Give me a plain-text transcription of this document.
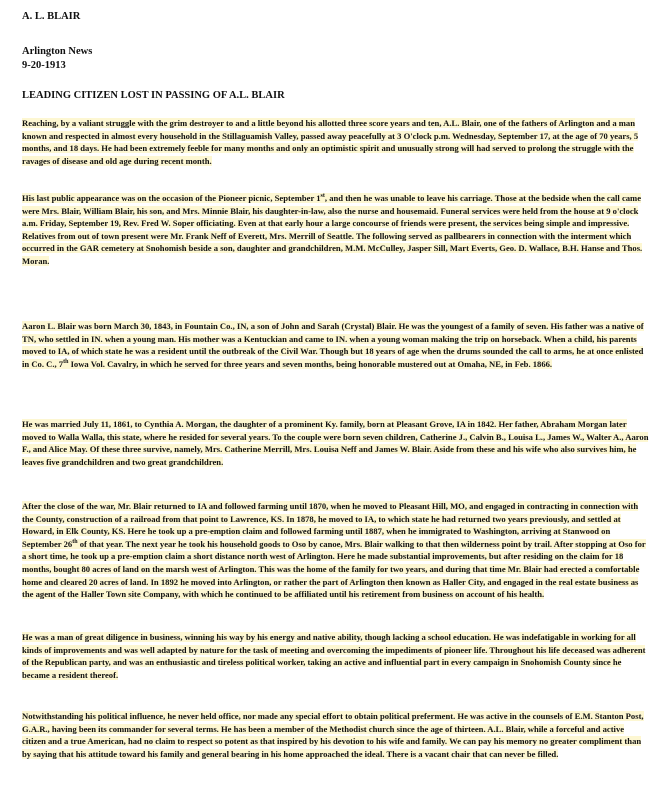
A. L. BLAIR
Arlington News
9-20-1913
LEADING CITIZEN LOST IN PASSING OF A.L. BLAIR
Reaching, by a valiant struggle with the grim destroyer to and a little beyond his allotted three score years and ten, A.L. Blair, one of the fathers of Arlington and a man known and respected in almost every household in the Stillaguamish Valley, passed away peacefully at 3 O'clock p.m. Wednesday, September 17, at the age of 70 years, 5 months, and 18 days. He had been extremely feeble for many months and only an optimistic spirit and unusually strong will had served to prolong the struggle with the ravages of disease and old age during recent month.
His last public appearance was on the occasion of the Pioneer picnic, September 1st, and then he was unable to leave his carriage. Those at the bedside when the call came were Mrs. Blair, William Blair, his son, and Mrs. Minnie Blair, his daughter-in-law, also the nurse and housemaid. Funeral services were held from the house at 9 o'clock a.m. Friday, September 19, Rev. Fred W. Soper officiating. Even at that early hour a large concourse of friends were present, the services being simple and impressive. Relatives from out of town present were Mr. Frank Neff of Everett, Mrs. Merrill of Seattle. The following served as pallbearers in connection with the interment which occurred in the GAR cemetery at Snohomish beside a son, daughter and grandchildren, M.M. McCulley, Jasper Sill, Mart Everts, Geo. D. Wallace, B.H. Hanse and Thos. Moran.
Aaron L. Blair was born March 30, 1843, in Fountain Co., IN, a son of John and Sarah (Crystal) Blair. He was the youngest of a family of seven. His father was a native of TN, who settled in IN. when a young man. His mother was a Kentuckian and came to IN. when a young woman making the trip on horseback. When a child, his parents moved to IA, of which state he was a resident until the outbreak of the Civil War. Though but 18 years of age when the drums sounded the call to arms, he at once enlisted in Co. C., 7th Iowa Vol. Cavalry, in which he served for three years and seven months, being honorable mustered out at Omaha, NE, in Feb. 1866.
He was married July 11, 1861, to Cynthia A. Morgan, the daughter of a prominent Ky. family, born at Pleasant Grove, IA in 1842. Her father, Abraham Morgan later moved to Walla Walla, this state, where he resided for several years. To the couple were born seven children, Catherine J., Calvin B., Louisa L., James W., Walter A., Aaron F., and Alice May. Of these three survive, namely, Mrs. Catherine Merrill, Mrs. Louisa Neff and James W. Blair. Aside from these and his wife who also survives him, he leaves five grandchildren and two great grandchildren.
After the close of the war, Mr. Blair returned to IA and followed farming until 1870, when he moved to Pleasant Hill, MO, and engaged in contracting in connection with the County, construction of a railroad from that point to Lawrence, KS. In 1878, he moved to IA, to which state he had returned two years previously, and settled at Howard, in Elk County, KS. Here he took up a pre-emption claim and followed farming until 1887, when he immigrated to Washington, arriving at Stanwood on September 26th of that year. The next year he took his household goods to Oso by canoe, Mrs. Blair walking to that then wilderness point by trail. After stopping at Oso for a short time, he took up a pre-emption claim a short distance north west of Arlington. Here he made substantial improvements, but after residing on the claim for 18 months, bought 80 acres of land on the marsh west of Arlington. This was the home of the family for two years, and during that time Mr. Blair had erected a comfortable home and cleared 20 acres of land. In 1892 he moved into Arlington, or rather the part of Arlington then known as Haller City, and engaged in the real estate business as the agent of the Haller Town site Company, with which he continued to be affiliated until his retirement from business on account of his health.
He was a man of great diligence in business, winning his way by his energy and native ability, though lacking a school education. He was indefatigable in working for all kinds of improvements and was well adapted by nature for the task of meeting and overcoming the impediments of pioneer life. Throughout his life deceased was adherent of the Republican party, and was an enthusiastic and tireless political worker, taking an active and influential part in every campaign in Snohomish County since he became a resident thereof.
Notwithstanding his political influence, he never held office, nor made any special effort to obtain political preferment. He was active in the counsels of E.M. Stanton Post, G.A.R., having been its commander for several terms. He has been a member of the Methodist church since the age of thirteen. A.L. Blair, while a forceful and active citizen and a true American, had no claim to respect so potent as that inspired by his devotion to his wife and family. We can pay his memory no greater compliment than by saying that his attitude toward his family and general bearing in his home approached the ideal. There is a vacant chair that can never be filled.
